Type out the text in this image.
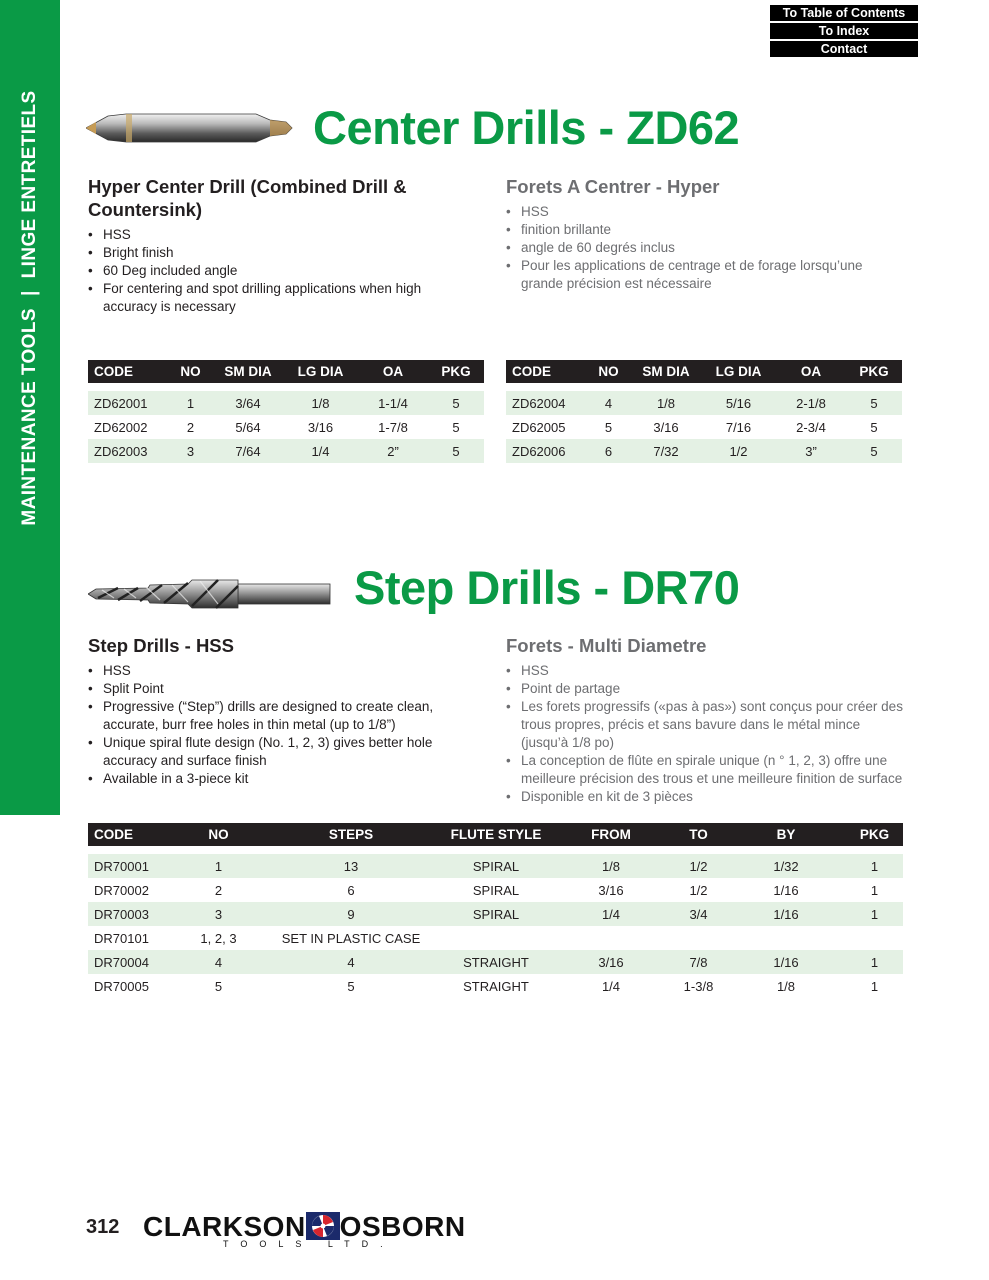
MAINTENANCE TOOLS|LINGE ENTRETIELS
To Table of Contents
To Index
Contact
Center Drills - ZD62
Hyper Center Drill (Combined Drill & Countersink)
• HSS
• Bright finish
• 60 Deg included angle
• For centering and spot drilling applications when high accuracy is necessary
Forets A Centrer - Hyper
• HSS
• finition brillante
• angle de 60 degrés inclus
• Pour les applications de centrage et de forage lorsqu’une grande précision est nécessaire
CODE	NO	SM DIA	LG DIA	OA	PKG

ZD62001	1	3/64	1/8	1-1/4	5
ZD62002	2	5/64	3/16	1-7/8	5
ZD62003	3	7/64	1/4	2”	5
CODE	NO	SM DIA	LG DIA	OA	PKG

ZD62004	4	1/8	5/16	2-1/8	5
ZD62005	5	3/16	7/16	2-3/4	5
ZD62006	6	7/32	1/2	3”	5
Step Drills - DR70
Step Drills - HSS
• HSS
• Split Point
• Progressive (“Step”) drills are designed to create clean, accurate, burr free holes in thin metal (up to 1/8”)
• Unique spiral flute design (No. 1, 2, 3) gives better hole accuracy and surface finish
• Available in a 3-piece kit
Forets - Multi Diametre
• HSS
• Point de partage
• Les forets progressifs («pas à pas») sont conçus pour créer des trous propres, précis et sans bavure dans le métal mince (jusqu’à 1/8 po)
• La conception de flûte en spirale unique (n ° 1, 2, 3) offre une meilleure précision des trous et une meilleure finition de surface
• Disponible en kit de 3 pièces
CODE	NO	STEPS	FLUTE STYLE	FROM	TO	BY	PKG

DR70001	1	13	SPIRAL	1/8	1/2	1/32	1
DR70002	2	6	SPIRAL	3/16	1/2	1/16	1
DR70003	3	9	SPIRAL	1/4	3/4	1/16	1
DR70101	1, 2, 3	SET IN PLASTIC CASE					
DR70004	4	4	STRAIGHT	3/16	7/8	1/16	1
DR70005	5	5	STRAIGHT	1/4	1-3/8	1/8	1
312 CLARKSON OSBORN
TOOLS LTD.
